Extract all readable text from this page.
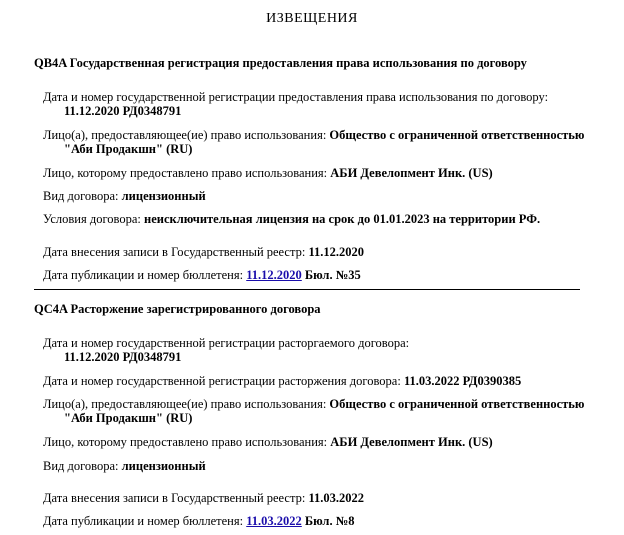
ИЗВЕЩЕНИЯ
QB4A Государственная регистрация предоставления права использования по договору
Дата и номер государственной регистрации предоставления права использования по договору:
11.12.2020 РД0348791
Лицо(а), предоставляющее(ие) право использования: Общество с ограниченной ответственностью
"Аби Продакшн" (RU)
Лицо, которому предоставлено право использования: АБИ Девелопмент Инк. (US)
Вид договора: лицензионный
Условия договора: неисключительная лицензия на срок до 01.01.2023 на территории РФ.
Дата внесения записи в Государственный реестр: 11.12.2020
Дата публикации и номер бюллетеня: 11.12.2020 Бюл. №35
QC4A Расторжение зарегистрированного договора
Дата и номер государственной регистрации расторгаемого договора:
11.12.2020 РД0348791
Дата и номер государственной регистрации расторжения договора: 11.03.2022 РД0390385
Лицо(а), предоставляющее(ие) право использования: Общество с ограниченной ответственностью
"Аби Продакшн" (RU)
Лицо, которому предоставлено право использования: АБИ Девелопмент Инк. (US)
Вид договора: лицензионный
Дата внесения записи в Государственный реестр: 11.03.2022
Дата публикации и номер бюллетеня: 11.03.2022 Бюл. №8
